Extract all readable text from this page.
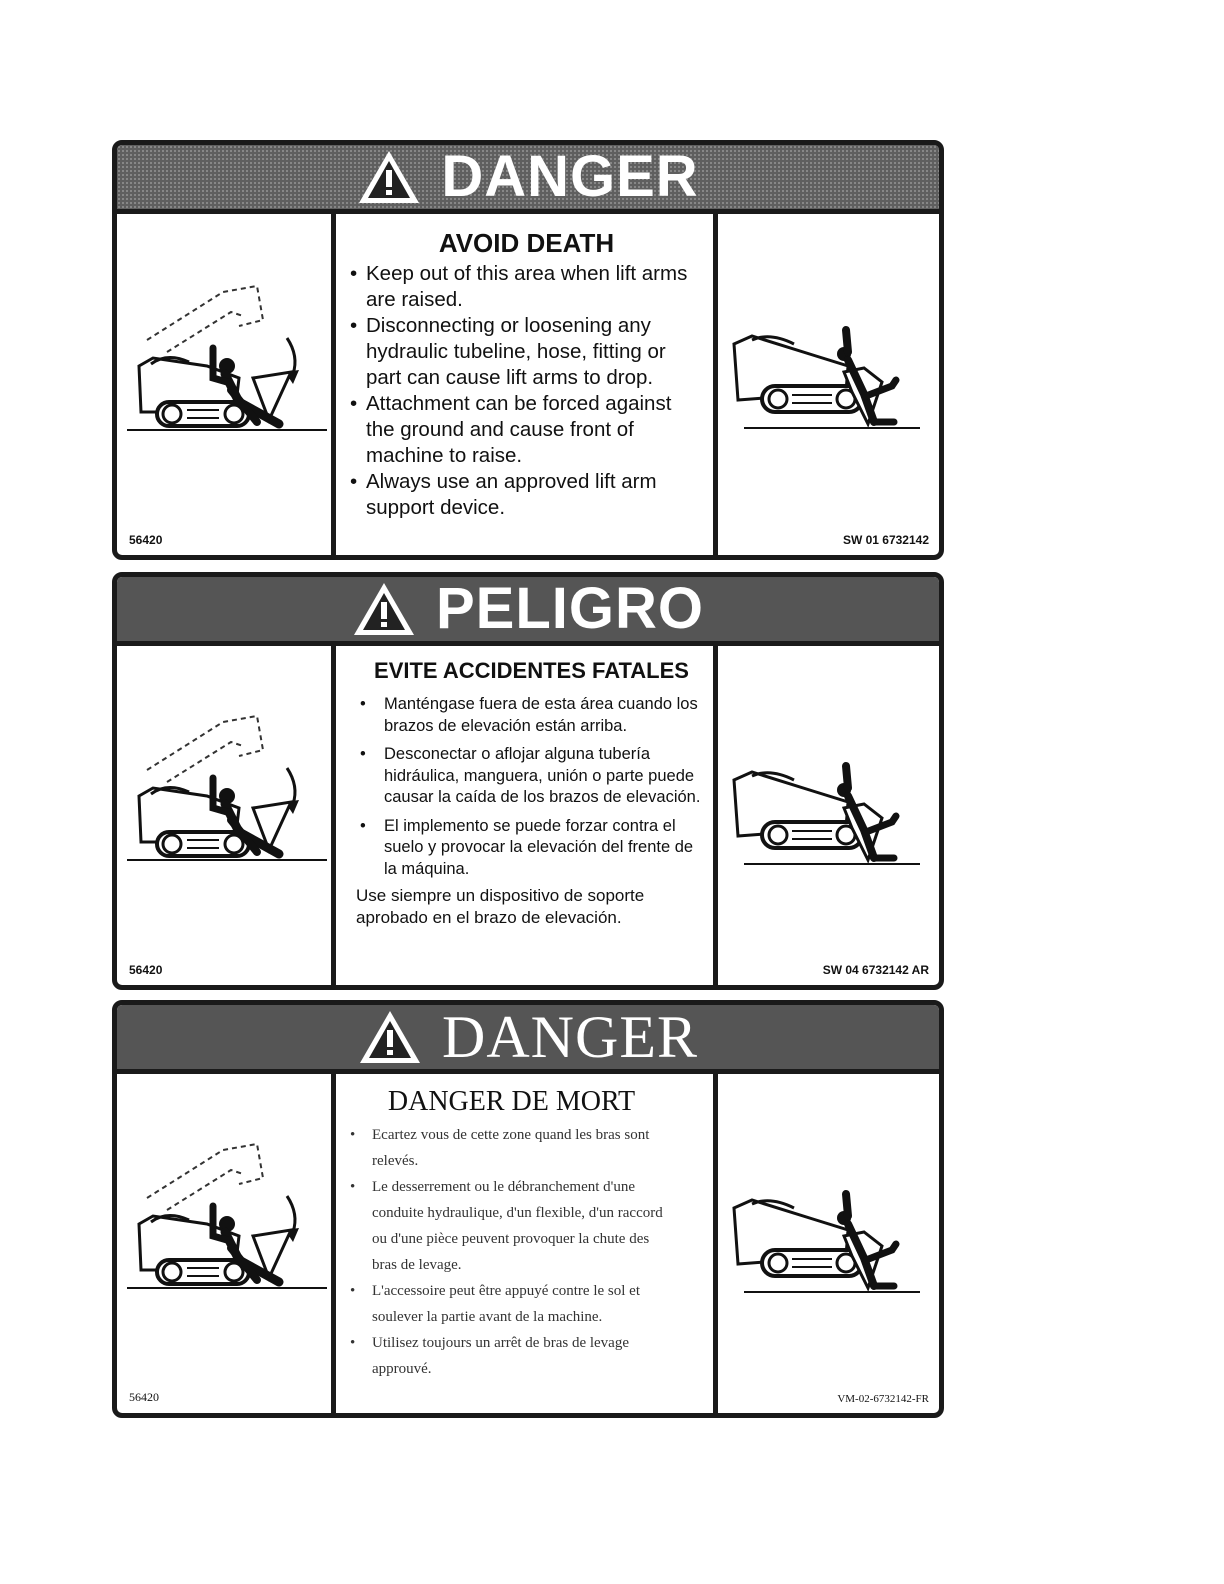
DANGER
56420
AVOID DEATH
• Keep out of this area when lift arms are raised.
• Disconnecting or loosening any hydraulic tubeline, hose, fitting or part can cause lift arms to drop.
• Attachment can be forced against the ground and cause front of machine to raise.
• Always use an approved lift arm support device.
SW 01 6732142
PELIGRO
56420
EVITE ACCIDENTES FATALES
• Manténgase fuera de esta área cuando los brazos de elevación están arriba.
• Desconectar o aflojar alguna tubería hidráulica, manguera, unión o parte puede causar la caída de los brazos de elevación.
• El implemento se puede forzar contra el suelo y provocar la elevación del frente de la máquina.
Use siempre un dispositivo de soporte aprobado en el brazo de elevación.
SW 04 6732142 AR
DANGER
56420
DANGER DE MORT
• Ecartez vous de cette zone quand les bras sont relevés.
• Le desserrement ou le débranchement d'une conduite hydraulique, d'un flexible, d'un raccord ou d'une pièce peuvent provoquer la chute des bras de levage.
• L'accessoire peut être appuyé contre le sol et soulever la partie avant de la machine.
• Utilisez toujours un arrêt de bras de levage approuvé.
VM-02-6732142-FR
